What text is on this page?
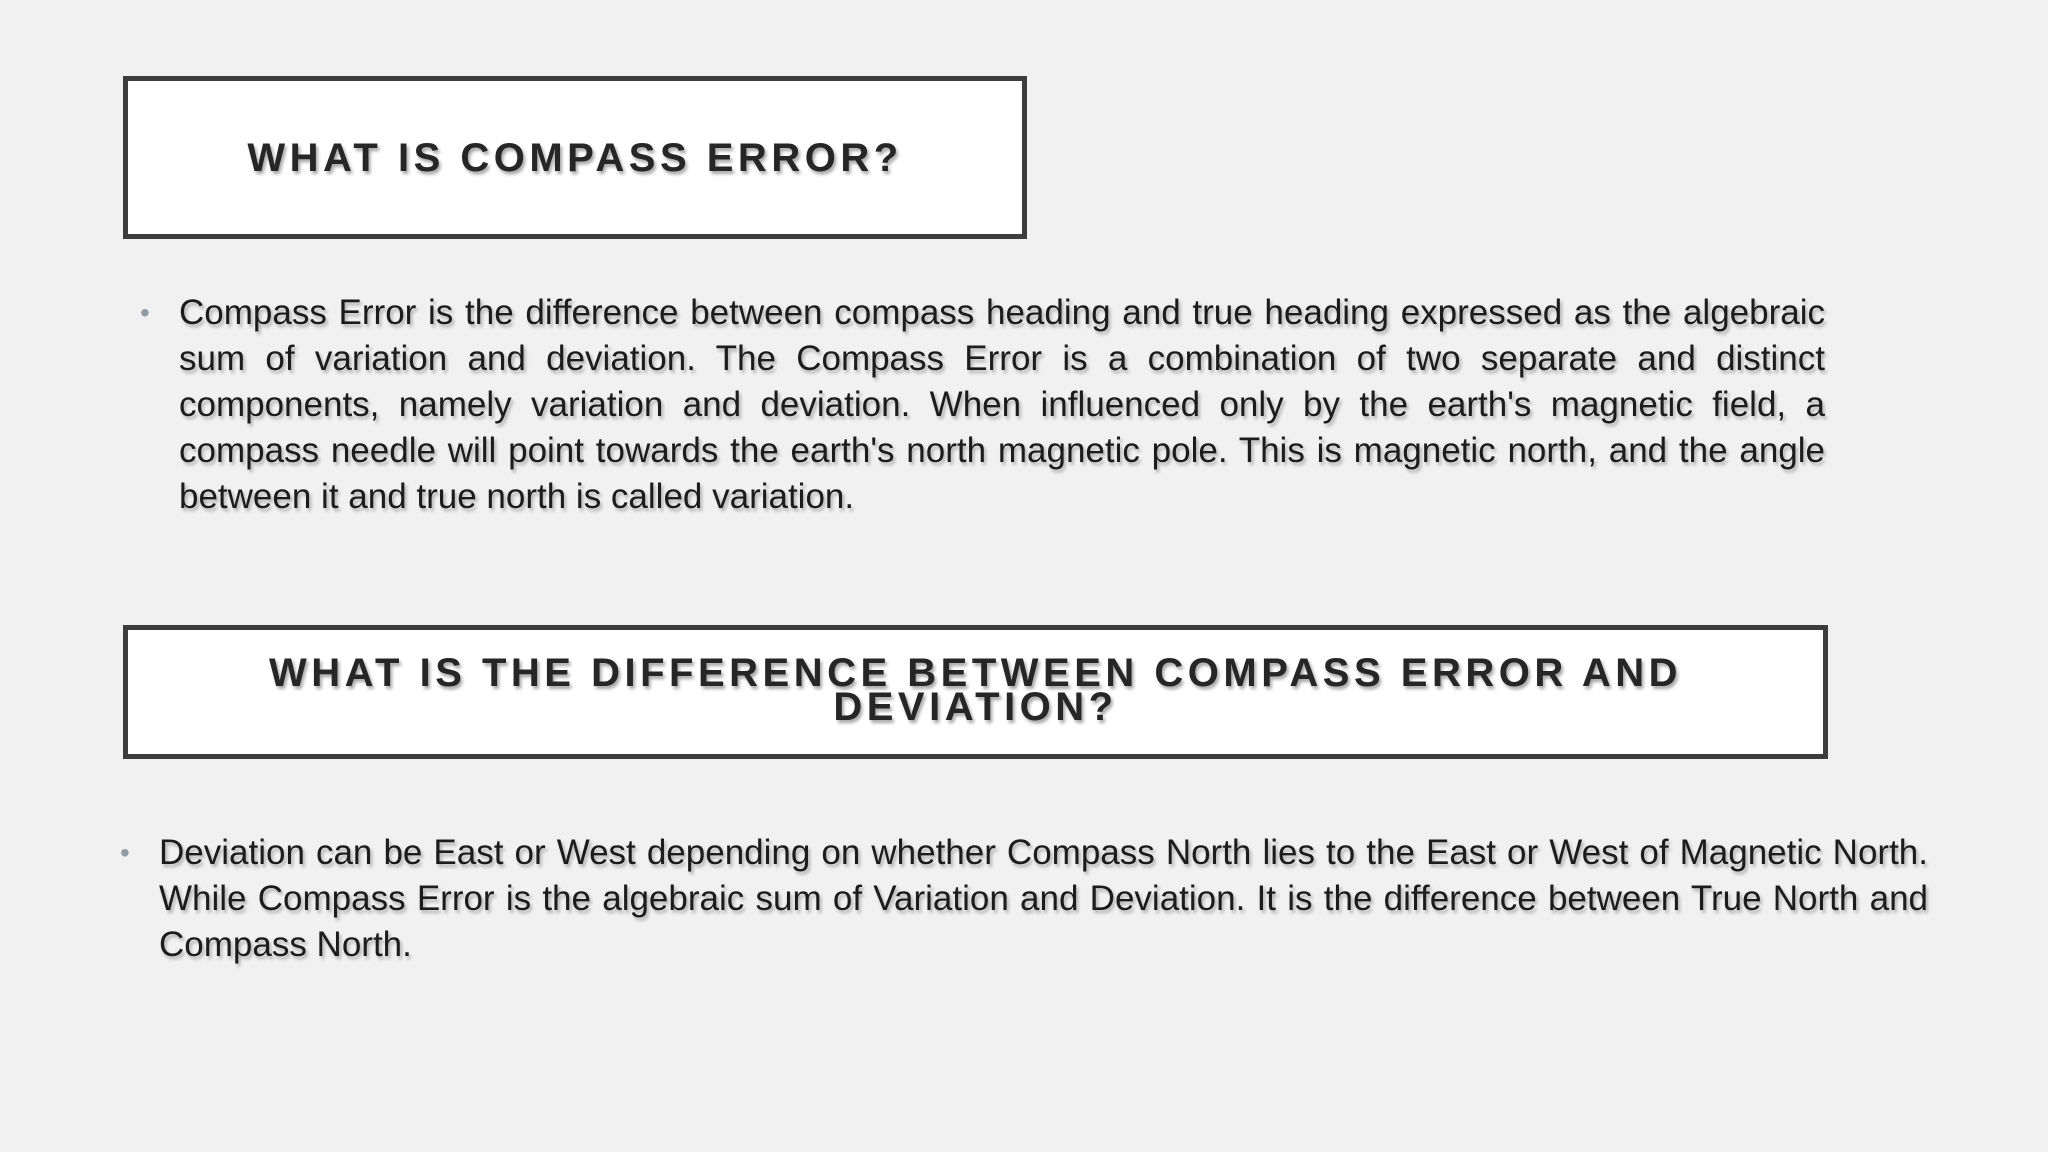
WHAT IS COMPASS ERROR?
• Compass Error is the difference between compass heading and true heading expressed as the algebraic sum of variation and deviation. The Compass Error is a combination of two separate and distinct components, namely variation and deviation. When influenced only by the earth's magnetic field, a compass needle will point towards the earth's north magnetic pole. This is magnetic north, and the angle between it and true north is called variation.

WHAT IS THE DIFFERENCE BETWEEN COMPASS ERROR AND DEVIATION?
• Deviation can be East or West depending on whether Compass North lies to the East or West of Magnetic North. While Compass Error is the algebraic sum of Variation and Deviation. It is the difference between True North and Compass North.
